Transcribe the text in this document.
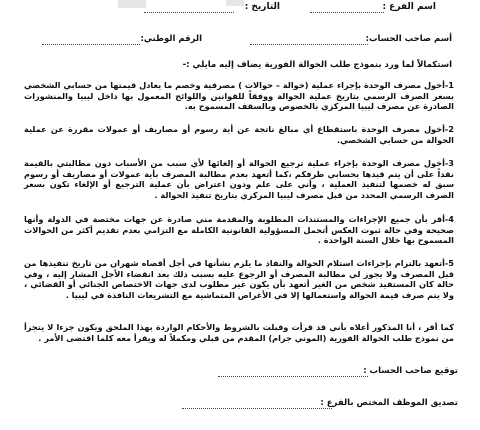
اسم الفرع :
التاريخ :
أسم صاحب الحساب:
الرقم الوطني:
استكمالاً لما ورد بنموذج طلب الحوالة الفورية يضاف إليه مايلي :-
1-أخول مصرف الوحدة بإجراء عملية (حوالة – حوالات ) مصرفية وخصم ما يعادل قيمتها من حسابي الشخصي بسعر الصرف الرسمي بتاريخ عملية الحوالة ووفقاً للقوانين واللوائح المعمول بها داخل ليبيا والمنشورات الصادرة عن مصرف ليبيا المركزي بالخصوص وبالسقف المسموح به.
2-أخول مصرف الوحدة باستقطاع أي مبالغ ناتجة عن أية رسوم أو مصاريف أو عمولات مقررة عن عملية الحوالة من حسابي الشخصي.
3-أخول مصرف الوحدة بإجراء عملية ترجيع الحوالة أو إلغائها لأي سبب من الأسباب دون مطالبتي بالقيمة نقداً على أن يتم قيدها بحسابي طرفكم ،كما أتعهد بعدم مطالبة المصرف بأية عمولات أو مصاريف أو رسوم سبق له خصمها لتنفيذ العملية ، وأني على علم ودون اعتراض بأن عملية الترجيع أو الإلغاء تكون بسعر الصرف الرسمي المحدد من قبل مصرف ليبيا المركزي بتاريخ تنفيذ الحوالة .
4-أقر بأن جميع الإجراءات والمستندات المطلوبة والمقدمة مني صادرة عن جهات مختصة في الدولة وأنها صحيحة وفي حالة ثبوت العكس أتحمل المسؤولية القانونية الكاملة مع التزامي بعدم تقديم أكثر من الحوالات المسموح بها خلال السنة الواحدة .
5-أتعهد بالتزام بإجراءات استلام الحوالة والنفاذ ما يلزم بشأنها في أجل أقصاه شهران من تاريخ تنفيذها من قبل المصرف ولا يجوز لي مطالبة المصرف أو الرجوع عليه بسبب ذلك بعد انقضاء الأجل المشار إليه ، وفي حالة كان المستفيد شخص من الغير أتعهد بأن يكون غير مطلوب لدى جهات الاختصاص الجنائي أو القضائي ، ولا يتم صرف قيمة الحوالة واستعمالها إلا في الأغراض المتماشية مع التشريعات النافذة في ليبيا .
كما أقر ، أنا المذكور أعلاه بأني قد قرأت وقبلت بالشروط والأحكام الواردة بهذا الملحق ويكون جزءا لا يتجزأ من نموذج طلب الحوالة الفورية (الموني جرام) المقدم من قبلي ومكملاً له ويقرأ معه كلما اقتضى الأمر .
توقيع صاحب الحساب :
تصديق الموظف المختص بالفرع :
